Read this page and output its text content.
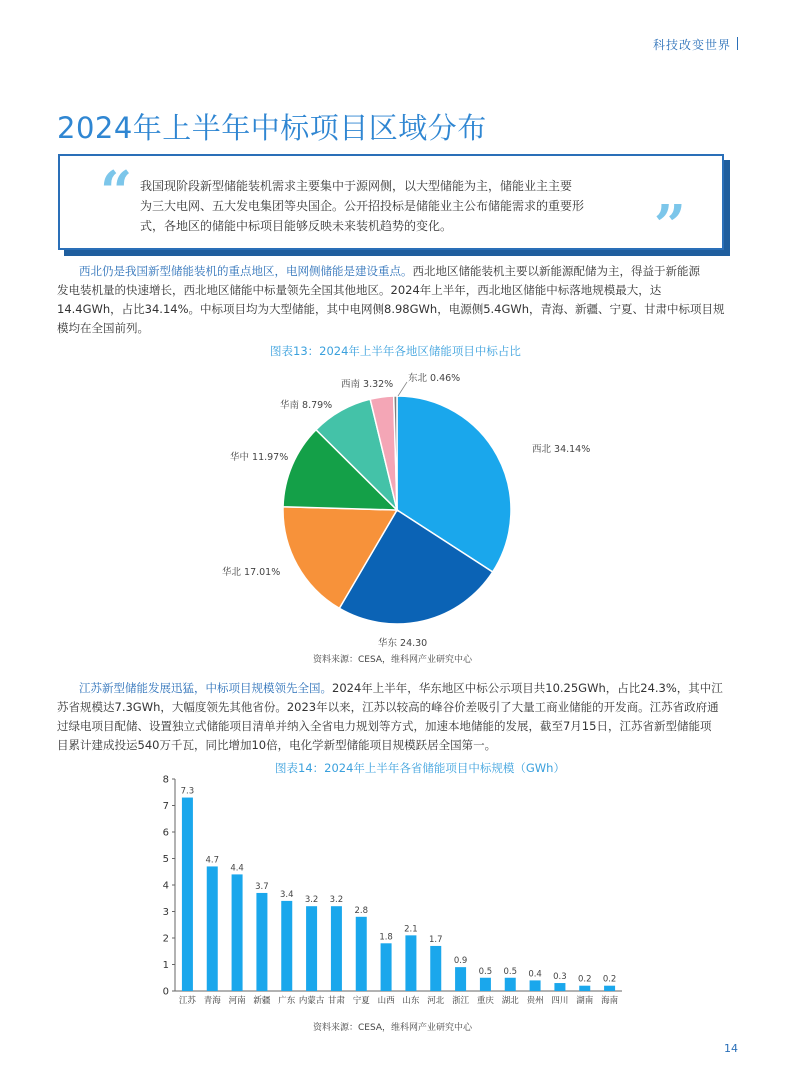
科技改变世界
2024年上半年中标项目区域分布
“ 我国现阶段新型储能装机需求主要集中于源网侧，以大型储能为主，储能业主主要
为三大电网、五大发电集团等央国企。公开招投标是储能业主公布储能需求的重要形
式，各地区的储能中标项目能够反映未来装机趋势的变化。	”
西北仍是我国新型储能装机的重点地区，电网侧储能是建设重点。西北地区储能装机主要以新能源配储为主，得益于新能源
发电装机量的快速增长，西北地区储能中标量领先全国其他地区。2024年上半年，西北地区储能中标落地规模最大，达
14.4GWh，占比34.14%。中标项目均为大型储能，其中电网侧8.98GWh，电源侧5.4GWh，青海、新疆、宁夏、甘肃中标项目规
模均在全国前列。
图表13：2024年上半年各地区储能项目中标占比
西北 34.14%
华东 24.30
华北 17.01%
华中 11.97%
华南 8.79%
西南 3.32%
东北 0.46%
资料来源：CESA，维科网产业研究中心
江苏新型储能发展迅猛，中标项目规模领先全国。2024年上半年，华东地区中标公示项目共10.25GWh，占比24.3%，其中江
苏省规模达7.3GWh，大幅度领先其他省份。2023年以来，江苏以较高的峰谷价差吸引了大量工商业储能的开发商。江苏省政府通
过绿电项目配储、设置独立式储能项目清单并纳入全省电力规划等方式，加速本地储能的发展，截至7月15日，江苏省新型储能项
目累计建成投运540万千瓦，同比增加10倍，电化学新型储能项目规模跃居全国第一。
图表14：2024年上半年各省储能项目中标规模（GWh）
0
1
2
3
4
5
6
7
8
7.3
江苏
4.7
青海
4.4
河南
3.7
新疆
3.4
广东
3.2
内蒙古
3.2
甘肃
2.8
宁夏
1.8
山西
2.1
山东
1.7
河北
0.9
浙江
0.5
重庆
0.5
湖北
0.4
贵州
0.3
四川
0.2
湖南
0.2
海南
资料来源：CESA，维科网产业研究中心
14
